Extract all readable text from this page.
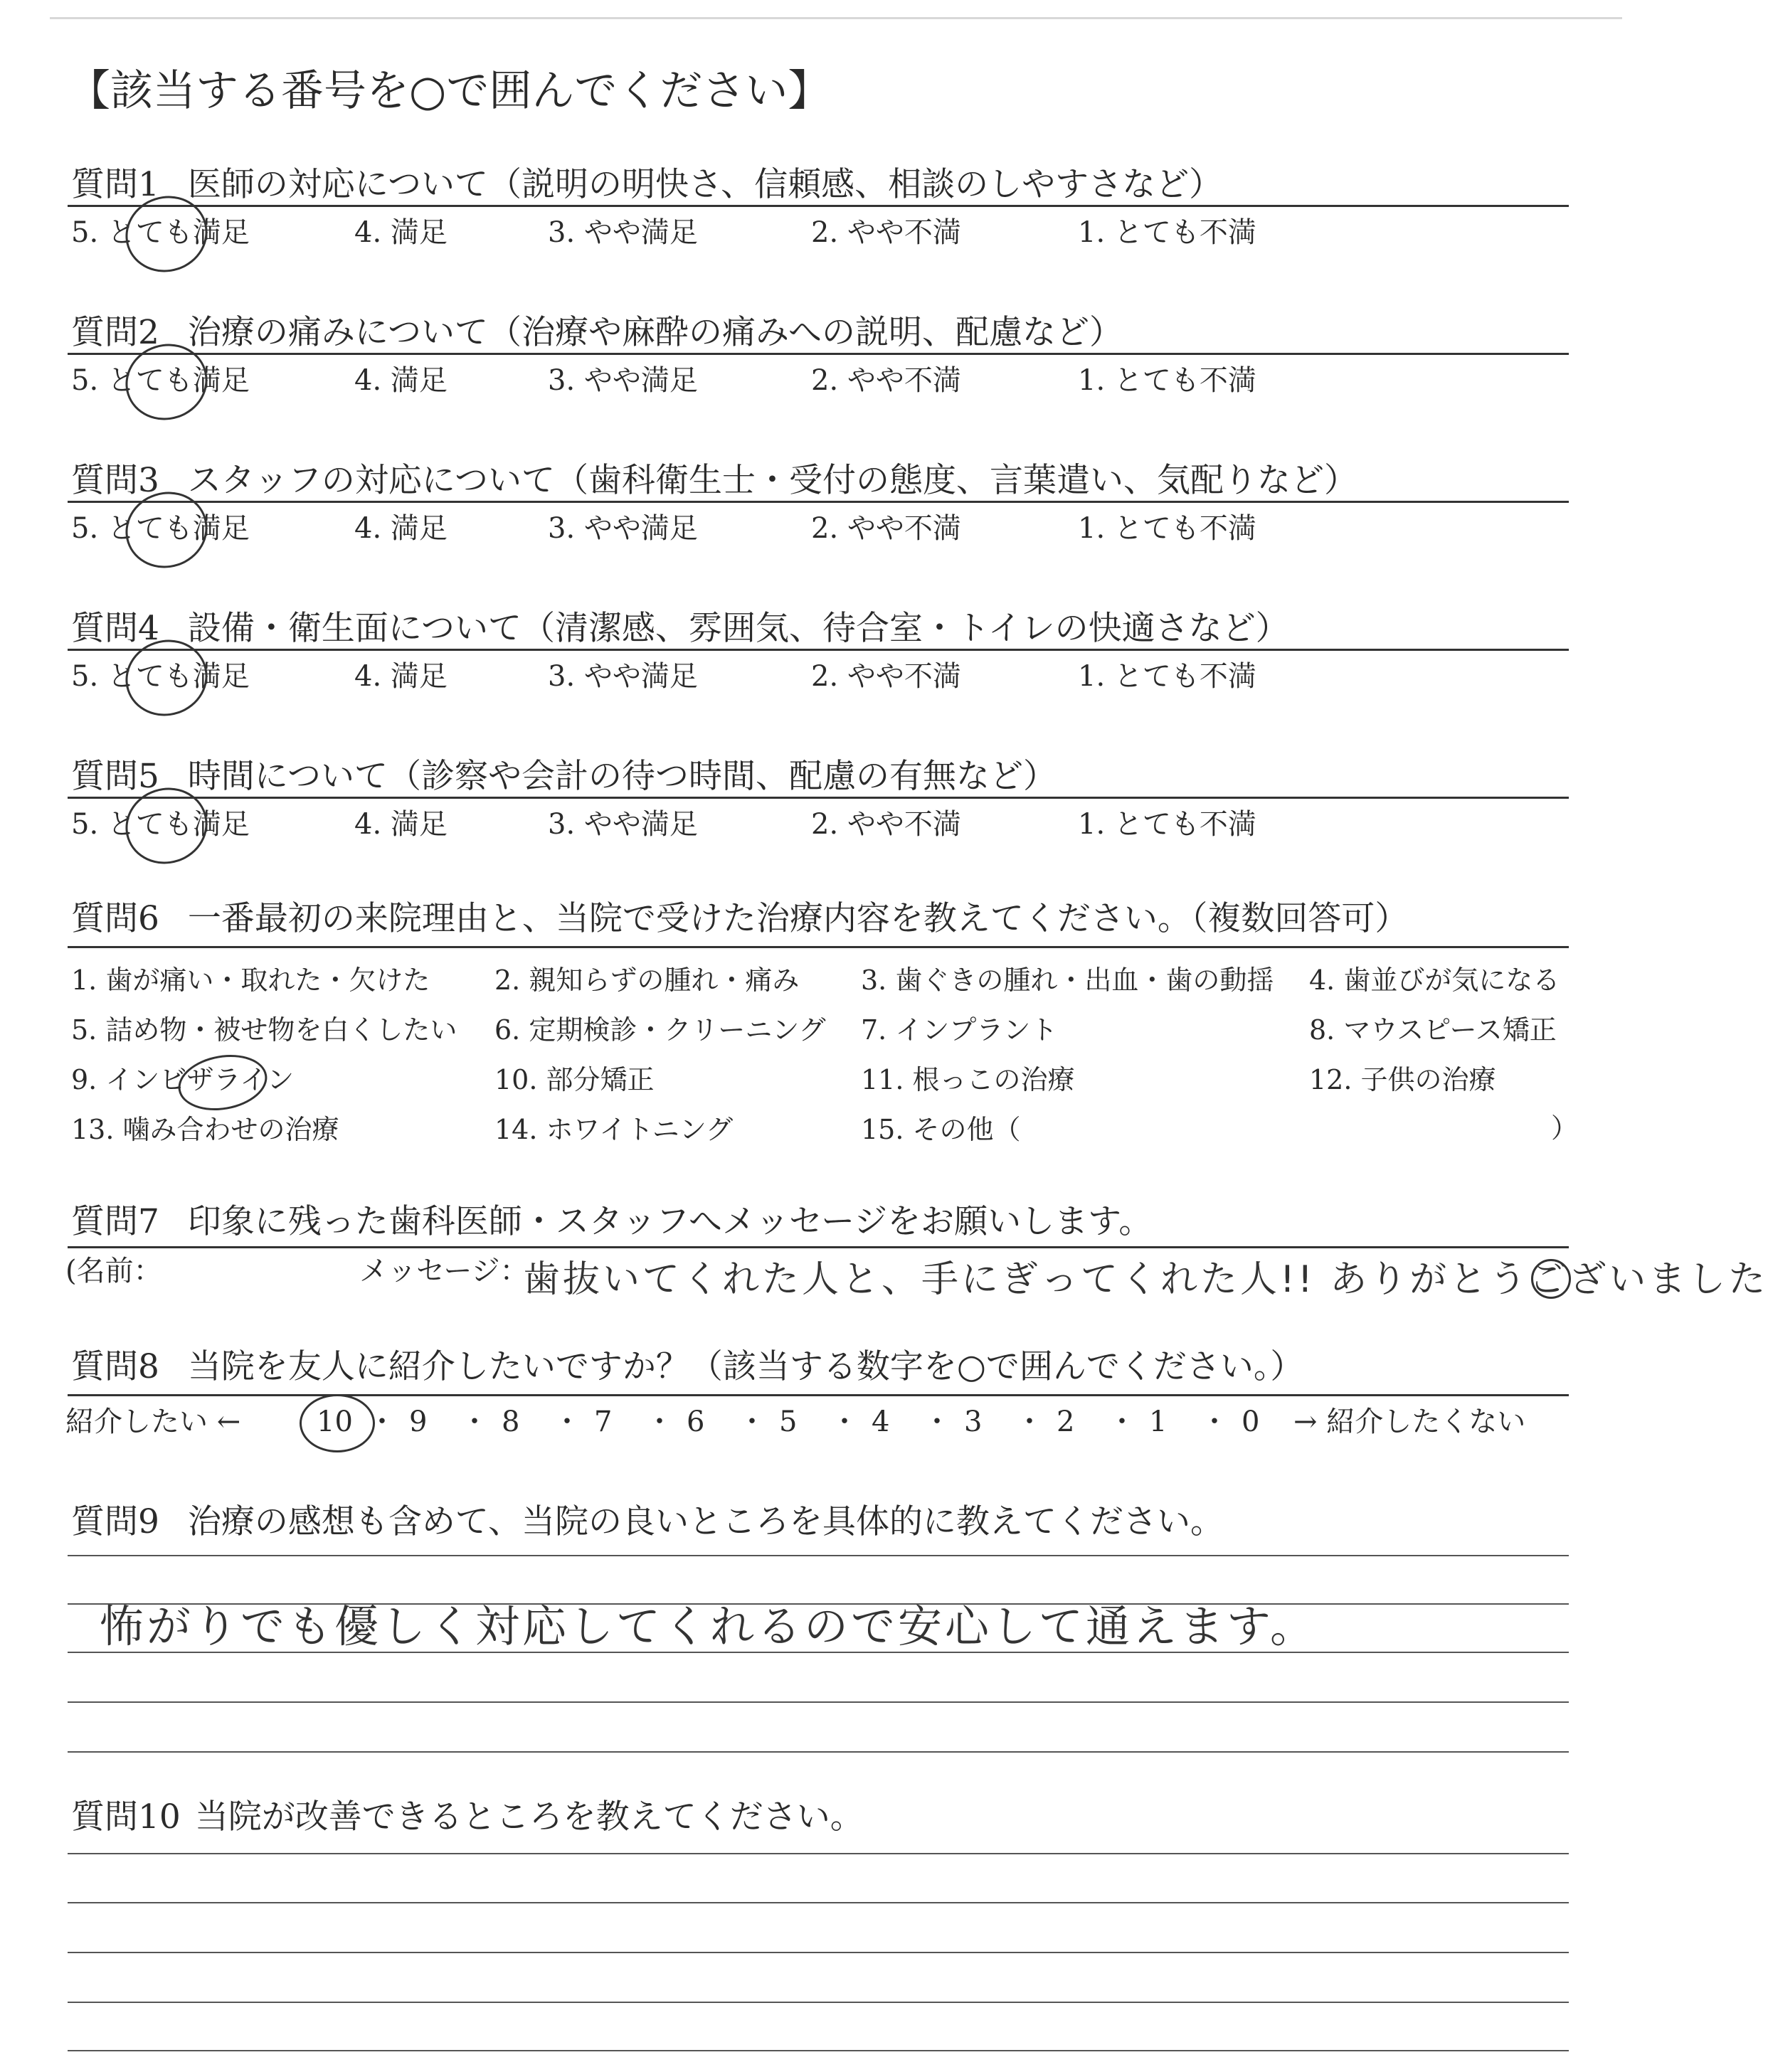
【該当する番号を○で囲んでください】
質問1 医師の対応について（説明の明快さ、信頼感、相談のしやすさなど）
5. とても満足	4. 満足	3. やや満足	2. やや不満	1. とても不満
質問2 治療の痛みについて（治療や麻酔の痛みへの説明、配慮など）
5. とても満足	4. 満足	3. やや満足	2. やや不満	1. とても不満
質問3 スタッフの対応について（歯科衛生士・受付の態度、言葉遣い、気配りなど）
5. とても満足	4. 満足	3. やや満足	2. やや不満	1. とても不満
質問4 設備・衛生面について（清潔感、雰囲気、待合室・トイレの快適さなど）
5. とても満足	4. 満足	3. やや満足	2. やや不満	1. とても不満
質問5 時間について（診察や会計の待つ時間、配慮の有無など）
5. とても満足	4. 満足	3. やや満足	2. やや不満	1. とても不満
質問6 一番最初の来院理由と、当院で受けた治療内容を教えてください。（複数回答可）
1. 歯が痛い・取れた・欠けた 2. 親知らずの腫れ・痛み 3. 歯ぐきの腫れ・出血・歯の動揺 4. 歯並びが気になる
5. 詰め物・被せ物を白くしたい 6. 定期検診・クリーニング 7. インプラント	8. マウスピース矯正
9. インビザライン	10. 部分矯正	11. 根っこの治療	12. 子供の治療
13. 噛み合わせの治療	14. ホワイトニング	15. その他（	）
質問7 印象に残った歯科医師・スタッフへメッセージをお願いします。
(名前：	メッセージ：
歯抜いてくれた人と、手にぎってくれた人!! ありがとうございました
質問8 当院を友人に紹介したいですか？（該当する数字を○で囲んでください。）
紹介したい ←	10 ・ 9 ・ 8 ・ 7 ・ 6 ・ 5 ・ 4 ・ 3 ・ 2 ・ 1 ・ 0 → 紹介したくない
質問9 治療の感想も含めて、当院の良いところを具体的に教えてください。
怖がりでも優しく対応してくれるので安心して通えます。
質問10 当院が改善できるところを教えてください。
